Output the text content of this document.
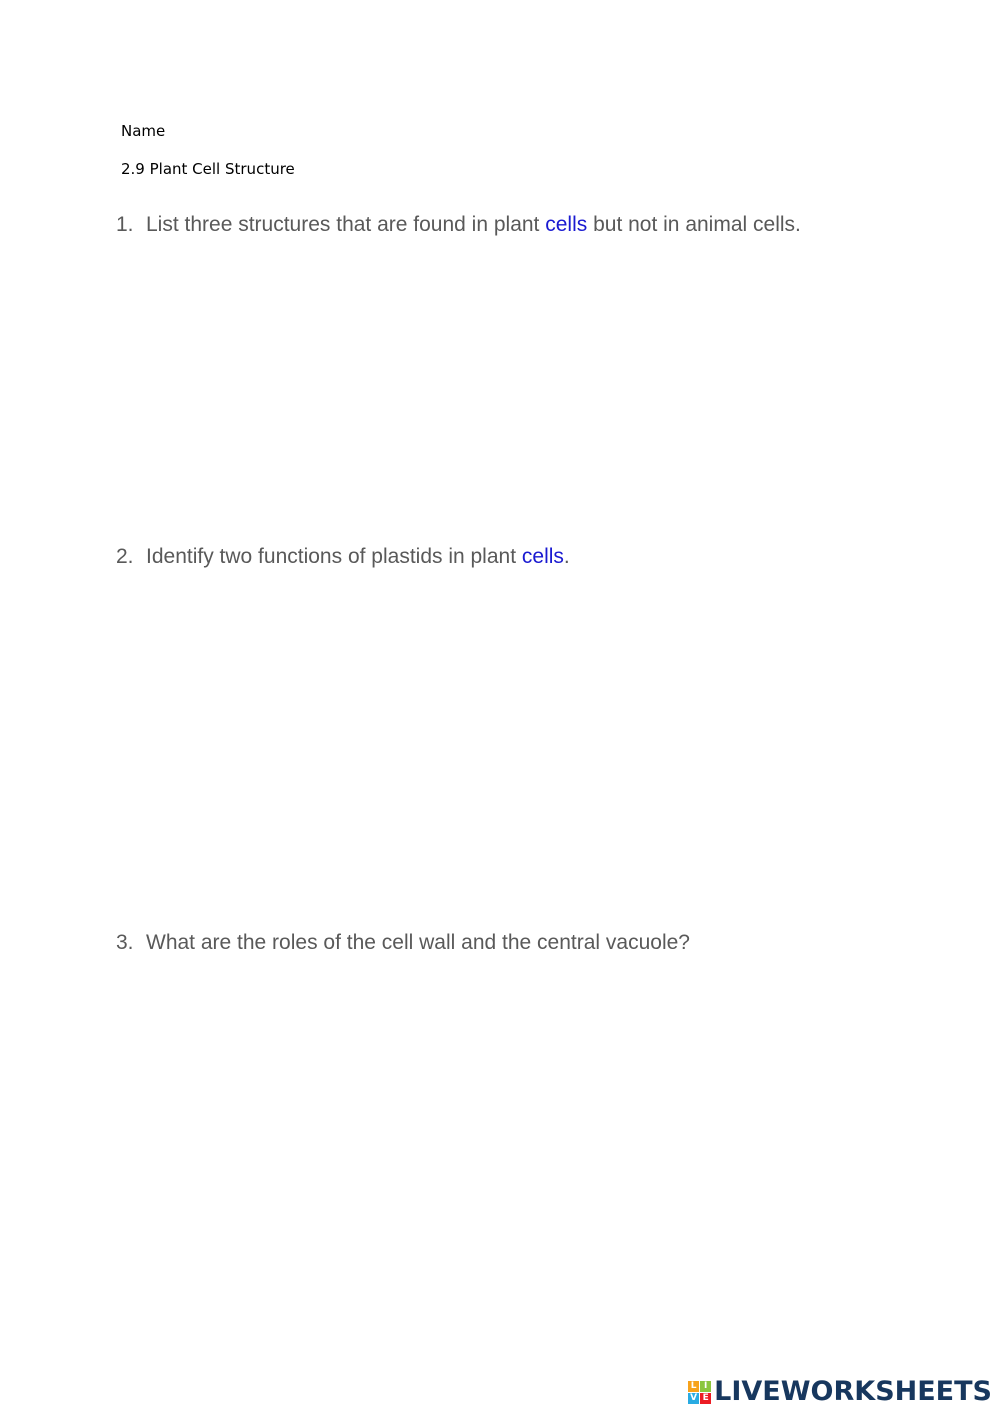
Name

2.9 Plant Cell Structure

1. List three structures that are found in plant cells but not in animal cells.

2. Identify two functions of plastids in plant cells.

3. What are the roles of the cell wall and the central vacuole?

L I
V E LIVEWORKSHEETS
